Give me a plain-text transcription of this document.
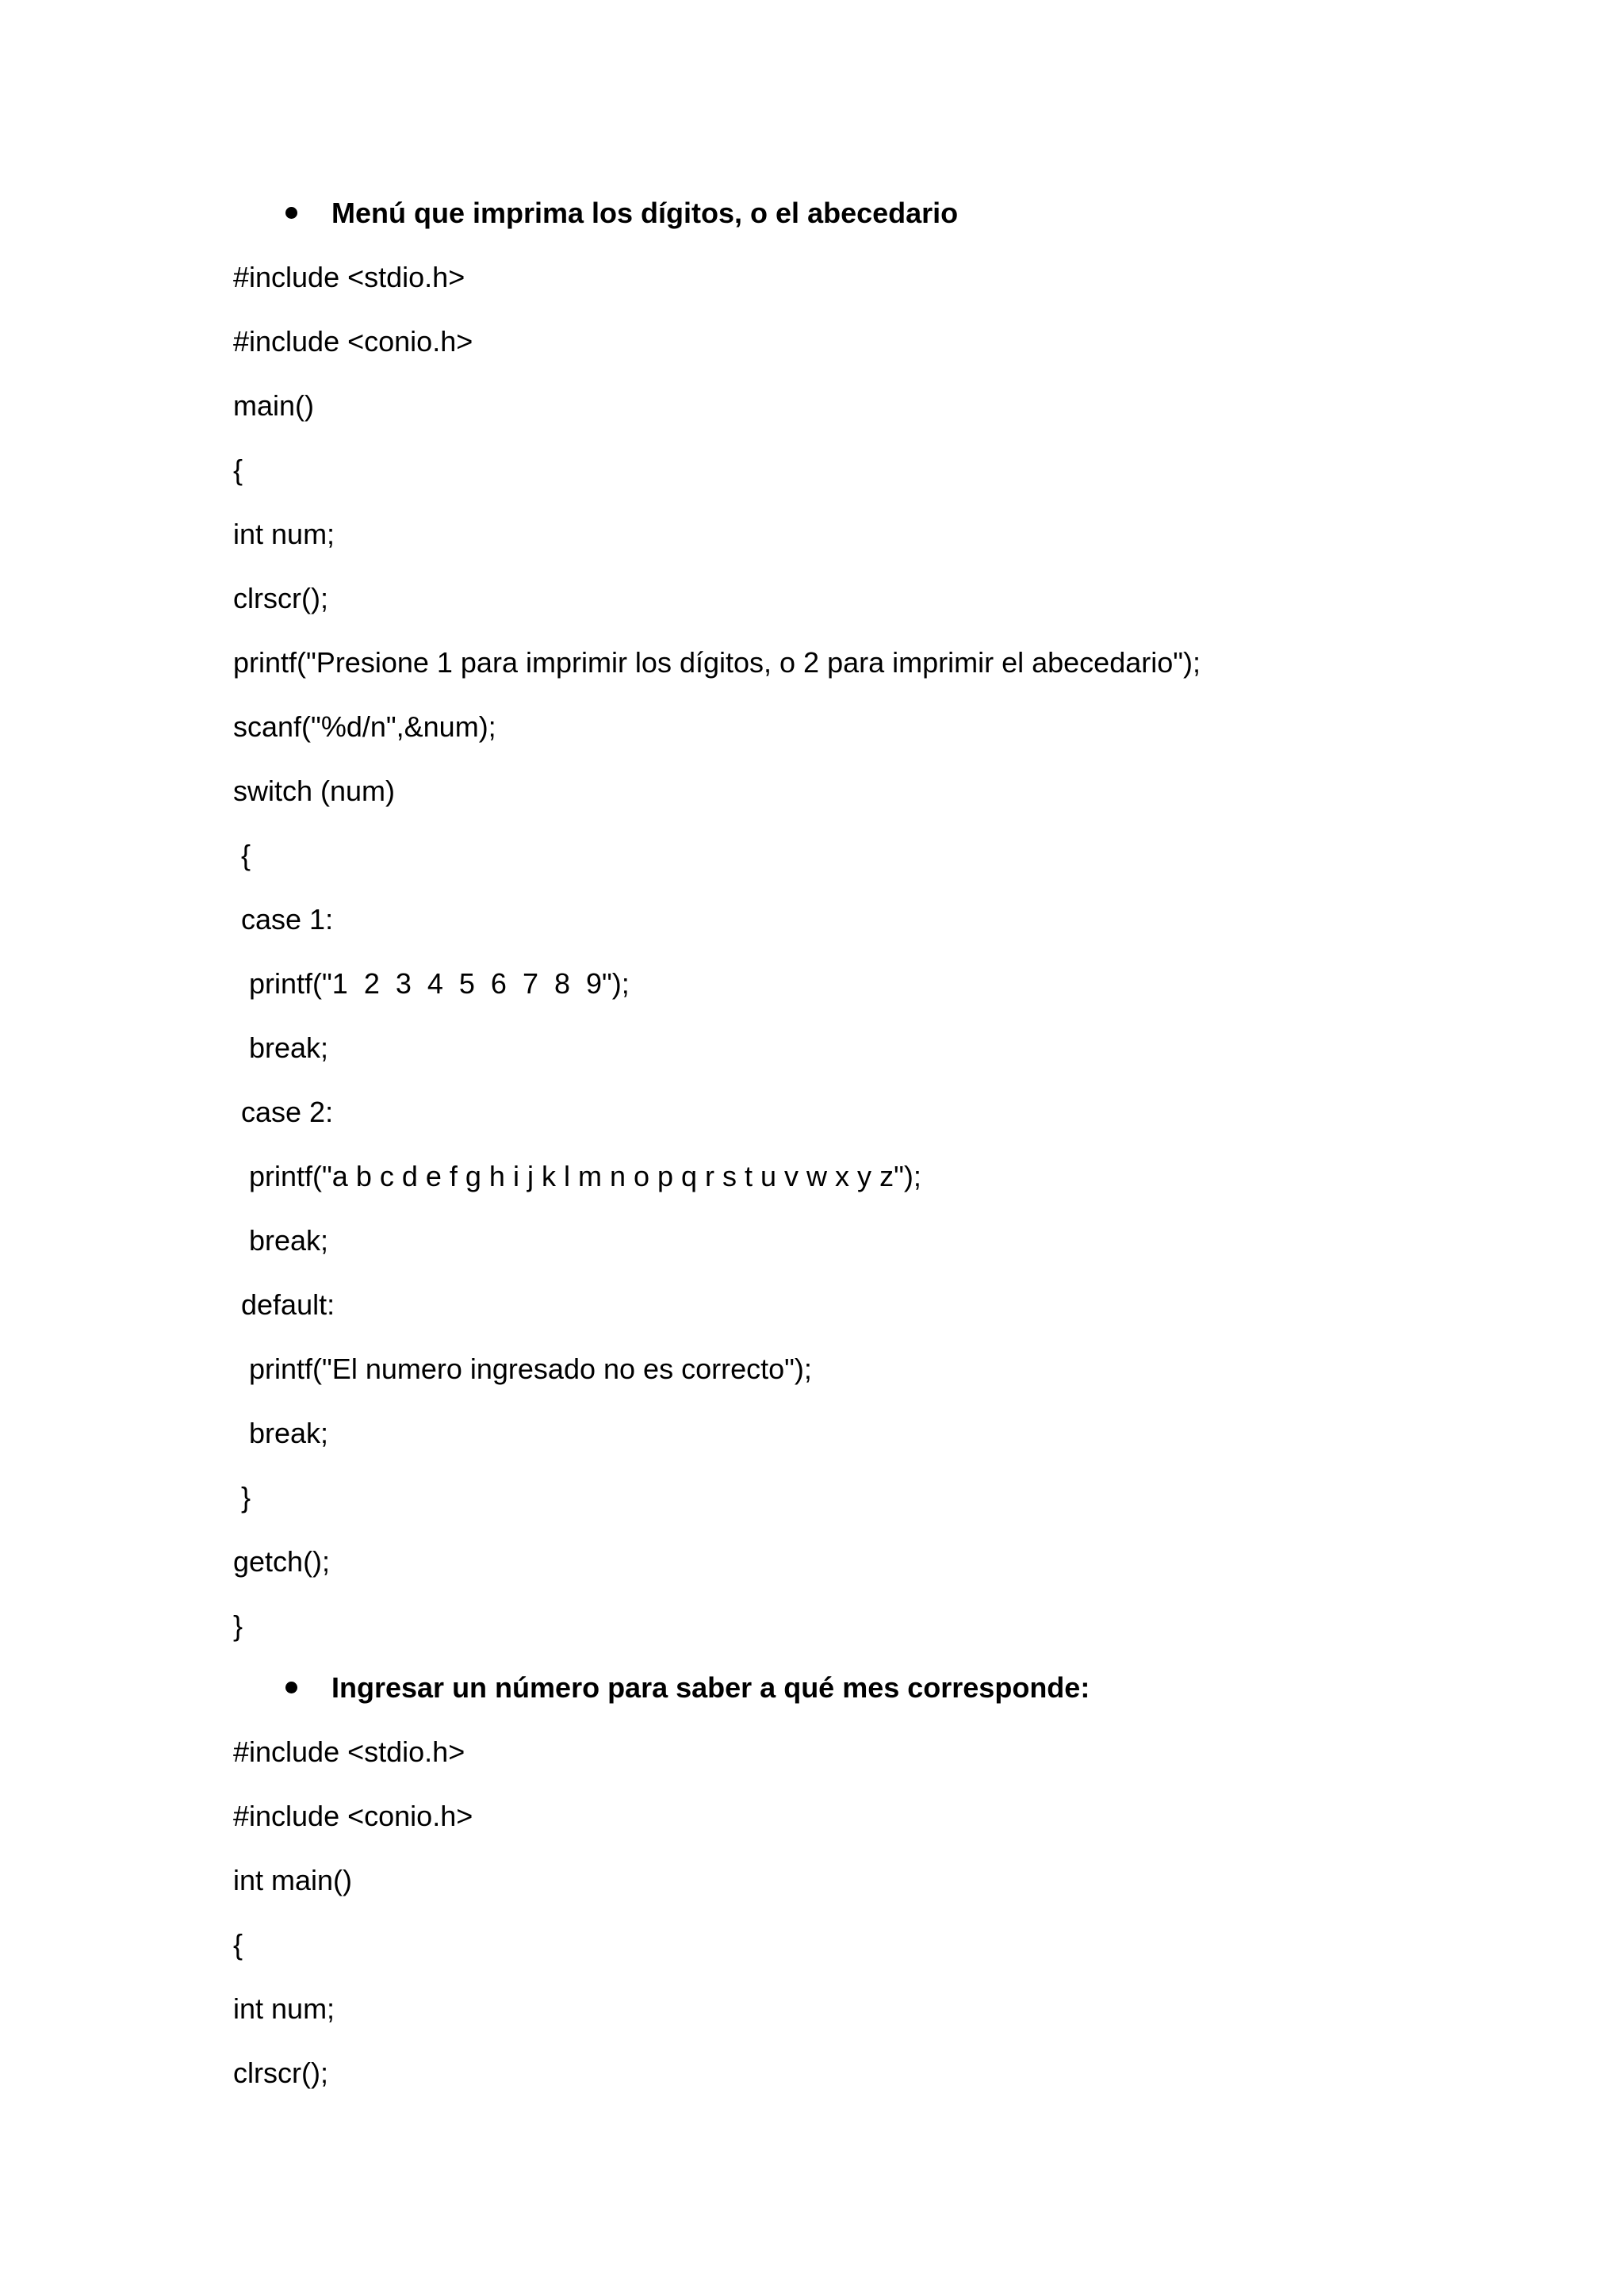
Menú que imprima los dígitos, o el abecedario
#include <stdio.h>
#include <conio.h>
main()
{
int num;
clrscr();
printf("Presione 1 para imprimir los dígitos, o 2 para imprimir el abecedario");
scanf("%d/n",&num);
switch (num)
{
case 1:
printf("1  2  3  4  5  6  7  8  9");
break;
case 2:
printf("a b c d e f g h i j k l m n o p q r s t u v w x y z");
break;
default:
printf("El numero ingresado no es correcto");
break;
}
getch();
}
Ingresar un número para saber a qué mes corresponde:
#include <stdio.h>
#include <conio.h>
int main()
{
int num;
clrscr();
